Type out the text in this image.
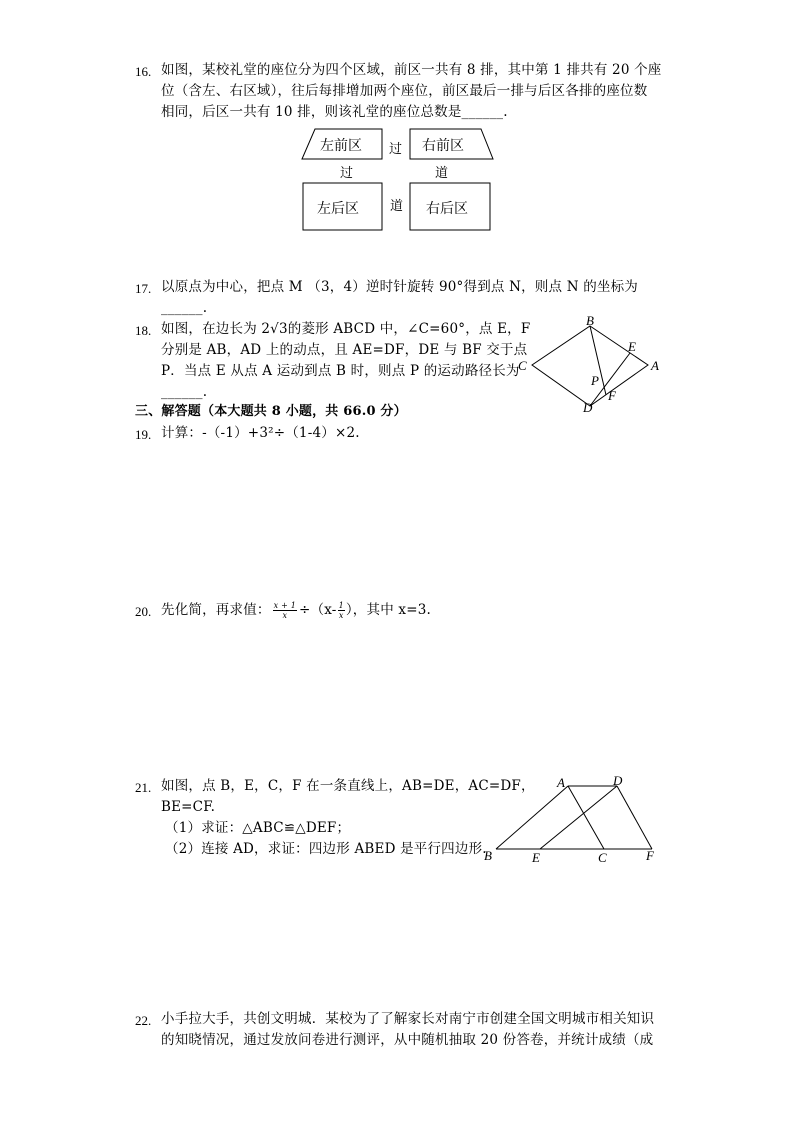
16. 如图，某校礼堂的座位分为四个区域，前区一共有 8 排，其中第 1 排共有 20 个座
位（含左、右区域），往后每排增加两个座位，前区最后一排与后区各排的座位数
相同，后区一共有 10 排，则该礼堂的座位总数是______.
左前区	右前区
左后区	右后区
过
过	道
道
17. 以原点为中心，把点 M （3，4）逆时针旋转 90°得到点 N，则点 N 的坐标为
______.
18. 如图，在边长为 2√3的菱形 ABCD 中，∠C=60°，点 E，F
分别是 AB，AD 上的动点，且 AE=DF，DE 与 BF 交于点
P．当点 E 从点 A 运动到点 B 时，则点 P 的运动路径长为
______.
B
C	A
D
E
F
P
三、解答题（本大题共 8 小题，共 66.0 分）
19. 计算：-（-1）+3²÷（1-4）×2.
20. 先化简，再求值： $\frac{x + 1}{x} \div(x- \frac{1}{x}$ ），其中 x=3.
21. 如图，点 B，E，C，F 在一条直线上，AB=DE，AC=DF，
BE=CF.
（1）求证：△ABC≌△DEF；
（2）连接 AD，求证：四边形 ABED 是平行四边形.
A	D
B	E	C	F
22. 小手拉大手，共创文明城．某校为了了解家长对南宁市创建全国文明城市相关知识
的知晓情况，通过发放问卷进行测评，从中随机抽取 20 份答卷，并统计成绩（成
